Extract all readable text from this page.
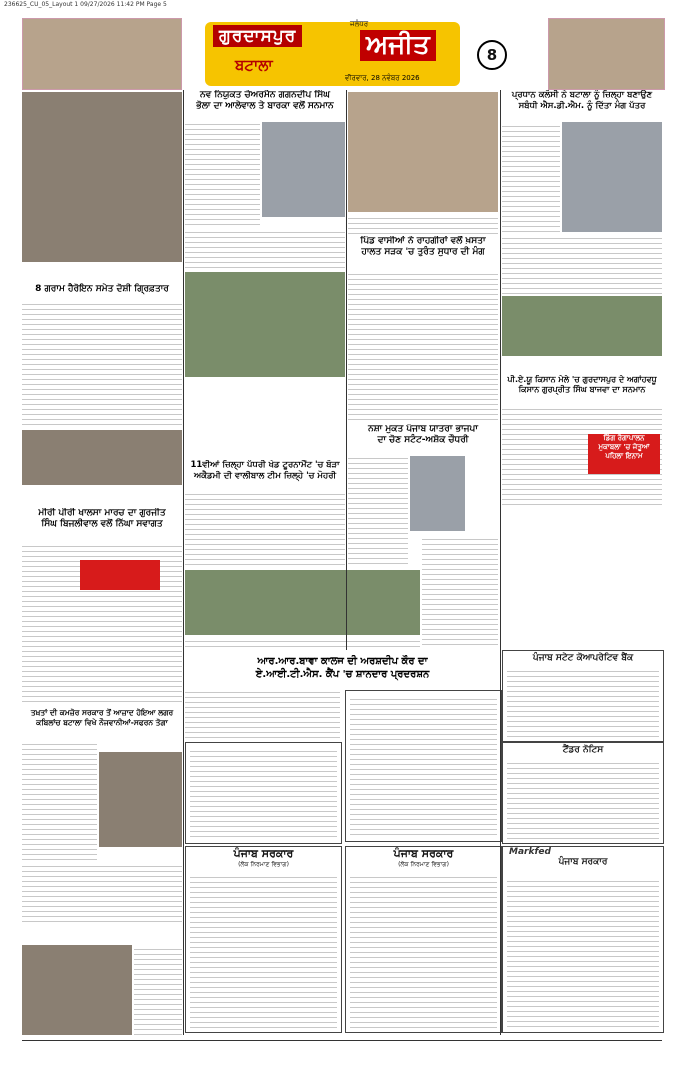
236625_CU_05_Layout 1 09/27/2026 11:42 PM Page 5
ਗੁਰਦਾਸਪੁਰ
ਬਟਾਲਾ
ਜਲੰਧਰ
ਅਜੀਤ
ਵੀਰਵਾਰ, 28 ਨਵੰਬਰ 2026
8
ਨਵ ਨਿਯੁਕਤ ਚੇਅਰਮੈਨ ਗਗਨਦੀਪ ਸਿੰਘ
ਭੋਲਾ ਦਾ ਆਲੇਵਾਲ ਤੇ ਬਾਰਕਾ ਵਲੋਂ ਸਨਮਾਨ
ਪਿੰਡ ਵਾਸੀਆਂ ਨੇ ਰਾਹਗੀਰਾਂ ਵਲੋਂ ਖ਼ਸਤਾ
ਹਾਲਤ ਸੜਕ 'ਚ ਤੁਰੰਤ ਸੁਧਾਰ ਦੀ ਮੰਗ
ਪ੍ਰਧਾਨ ਕਲੋਸੀ ਨੇ ਬਟਾਲਾ ਨੂੰ ਜ਼ਿਲ੍ਹਾ ਬਣਾਉਣ
ਸਬੰਧੀ ਐਸ.ਡੀ.ਐਮ. ਨੂੰ ਦਿੱਤਾ ਮੰਗ ਪੱਤਰ
ਪੀ.ਏ.ਯੂ ਕਿਸਾਨ ਮੇਲੇ 'ਚ ਗੁਰਦਾਸਪੁਰ ਦੇ ਅਗਾਂਹਵਧੂ
ਕਿਸਾਨ ਗੁਰਪ੍ਰੀਤ ਸਿੰਘ ਬਾਜਵਾ ਦਾ ਸਨਮਾਨ
ਡਿੰਗ ਰੋਗਾਪਾਲਨ
ਮੁਕਾਬਲਾ 'ਚ ਜੇਤੂਆਂ
ਪਹਿਲਾ ਇਨਾਮ
8 ਗਰਾਮ ਹੈਰੋਇਨ ਸਮੇਤ ਦੋਸ਼ੀ ਗ੍ਰਿਫ਼ਤਾਰ
11ਵੀਆਂ ਜ਼ਿਲ੍ਹਾ ਪੱਧਰੀ ਖੇਡ ਟੂਰਨਾਮੈਂਟ 'ਚ ਬੋੜਾ
ਅਕੈਡਮੀ ਦੀ ਵਾਲੀਬਾਲ ਟੀਮ ਜ਼ਿਲ੍ਹੇ 'ਚ ਮੋਹਰੀ
ਨਸ਼ਾ ਮੁਕਤ ਪੰਜਾਬ ਯਾਤਰਾ ਭਾਜਪਾ
ਦਾ ਚੋਣ ਸਟੰਟ-ਅਸ਼ੋਕ ਚੌਧਰੀ
ਮੀਰੀ ਪੀਰੀ ਖਾਲਸਾ ਮਾਰਚ ਦਾ ਗੁਰਜੀਤ
ਸਿੰਘ ਬਿਜਲੀਵਾਲ ਵਲੋਂ ਨਿੱਘਾ ਸਵਾਗਤ
ਆਰ.ਆਰ.ਬਾਵਾ ਕਾਲਜ ਦੀ ਅਰਸ਼ਦੀਪ ਕੌਰ ਦਾ
ਏ.ਆਈ.ਟੀ.ਐਸ. ਕੈਂਪ 'ਚ ਸ਼ਾਨਦਾਰ ਪ੍ਰਦਰਸ਼ਨ
ਤਖ਼ਤਾਂ ਦੀ ਕਮਜ਼ੋਰ ਸਰਕਾਰ ਤੋਂ ਆਜ਼ਾਦ ਹੋਇਆ ਲਗਰ
ਕਬਿਲਾਂਚ ਬਟਾਲਾ ਵਿਖੇ ਨੌਜਵਾਨੀਆਂ-ਸਫਰਨ ਤੋਗਾ
ਪੰਜਾਬ ਸਟੇਟ ਕੋਆਪਰੇਟਿਵ ਬੈਂਕ
ਟੈਂਡਰ ਨੋਟਿਸ
Markfed
ਪੰਜਾਬ ਸਰਕਾਰ
ਪੰਜਾਬ ਸਰਕਾਰ
(ਲੋਕ ਨਿਰਮਾਣ ਵਿਭਾਗ)
ਪੰਜਾਬ ਸਰਕਾਰ
(ਲੋਕ ਨਿਰਮਾਣ ਵਿਭਾਗ)
